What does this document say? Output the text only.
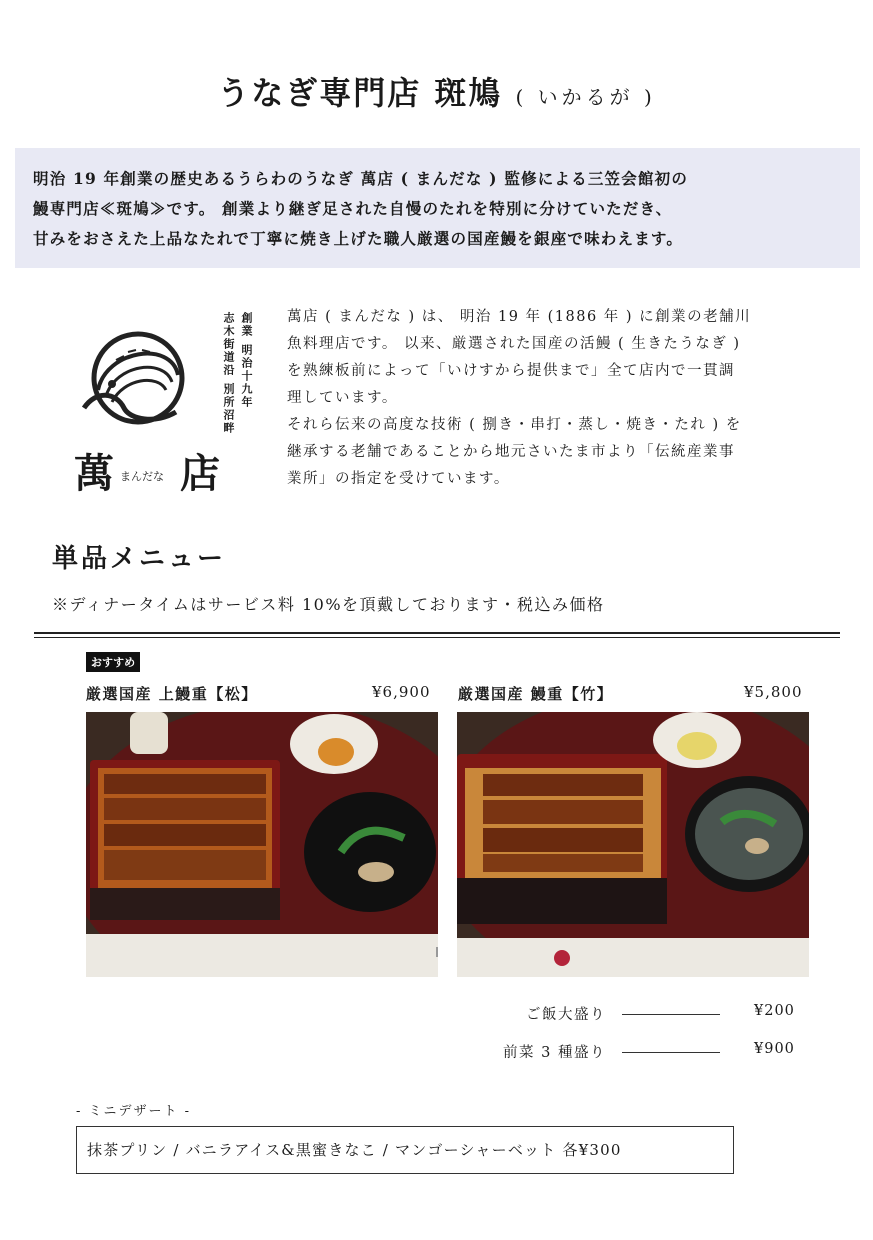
うなぎ専門店 斑鳩 ( いかるが )
明治 19 年創業の歴史あるうらわのうなぎ 萬店 ( まんだな ) 監修による三笠会館初の
鰻専門店≪斑鳩≫です。 創業より継ぎ足された自慢のたれを特別に分けていただき、
甘みをおさえた上品なたれで丁寧に焼き上げた職人厳選の国産鰻を銀座で味わえます。
萬 まんだな 店
創業 明治十九年
志木街道沿 別所沼畔	萬店 ( まんだな ) は、 明治 19 年 (1886 年 ) に創業の老舗川
魚料理店です。 以来、厳選された国産の活鰻 ( 生きたうなぎ )
を熟練板前によって「いけすから提供まで」全て店内で一貫調
理しています。
それら伝来の高度な技術 ( 捌き・串打・蒸し・焼き・たれ ) を
継承する老舗であることから地元さいたま市より「伝統産業事
業所」の指定を受けています。
単品メニュー
※ディナータイムはサービス料 10%を頂戴しております・税込み価格
おすすめ
厳選国産 上鰻重【松】	¥6,900 厳選国産 鰻重【竹】	¥5,800
ご飯大盛り	¥200
前菜 3 種盛り	¥900
- ミニデザート -
抹茶プリン / バニラアイス&黒蜜きなこ / マンゴーシャーベット 各¥300
